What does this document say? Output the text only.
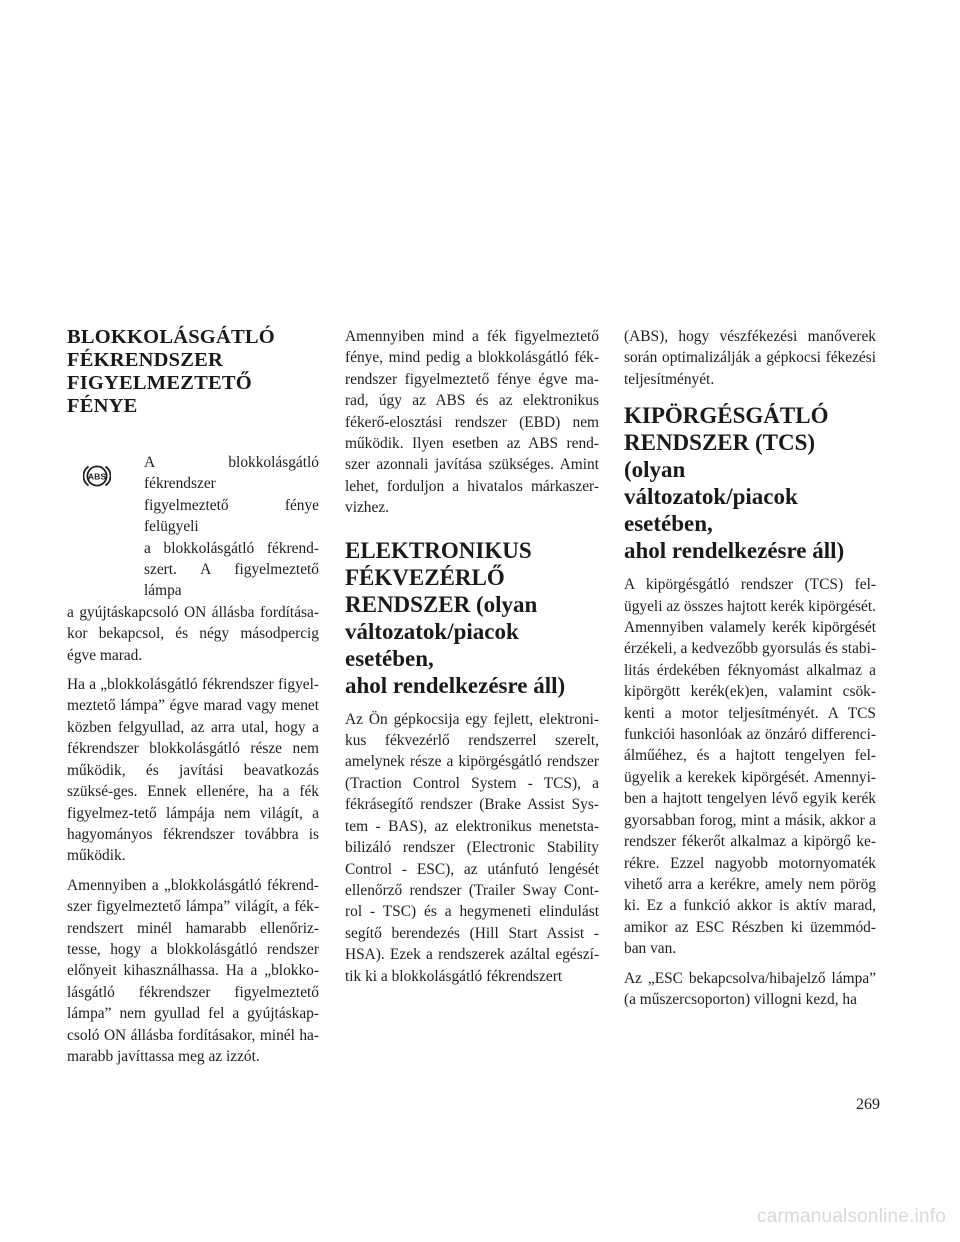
BLOKKOLÁSGÁTLÓ
FÉKRENDSZER
FIGYELMEZTETŐ FÉNYE
ABS

A blokkolásgátló fékrendszer
figyelmeztető fénye felügyeli
a blokkolásgátló fékrend-
szert. A figyelmeztető lámpa

a gyújtáskapcsoló ON állásba fordítása-kor bekapcsol, és négy másodpercig égve marad.

Ha a „blokkolásgátló fékrendszer figyel-meztető lámpa” égve marad vagy menet közben felgyullad, az arra utal, hogy a fékrendszer blokkolásgátló része nem működik, és javítási beavatkozás szüksé-ges. Ennek ellenére, ha a fék figyelmez-tető lámpája nem világít, a hagyományos fékrendszer továbbra is működik.

Amennyiben a „blokkolásgátló fékrend-szer figyelmeztető lámpa” világít, a fék-rendszert minél hamarabb ellenőriz-tesse, hogy a blokkolásgátló rendszer előnyeit kihasználhassa. Ha a „blokko-lásgátló fékrendszer figyelmeztető lámpa” nem gyullad fel a gyújtáskap-csoló ON állásba fordításakor, minél ha-marabb javíttassa meg az izzót.

Amennyiben mind a fék figyelmeztető fénye, mind pedig a blokkolásgátló fék-rendszer figyelmeztető fénye égve ma-rad, úgy az ABS és az elektronikus fékerő-elosztási rendszer (EBD) nem működik. Ilyen esetben az ABS rend-szer azonnali javítása szükséges. Amint lehet, forduljon a hivatalos márkaszer-vizhez.

ELEKTRONIKUS
FÉKVEZÉRLŐ
RENDSZER (olyan
változatok/piacok esetében,
ahol rendelkezésre áll)

Az Ön gépkocsija egy fejlett, elektroni-kus fékvezérlő rendszerrel szerelt, amelynek része a kipörgésgátló rendszer (Traction Control System - TCS), a fékrásegítő rendszer (Brake Assist Sys-tem - BAS), az elektronikus menetsta-bilizáló rendszer (Electronic Stability Control - ESC), az utánfutó lengését ellenőrző rendszer (Trailer Sway Cont-rol - TSC) és a hegymeneti elindulást segítő berendezés (Hill Start Assist - HSA). Ezek a rendszerek azáltal egészí-tik ki a blokkolásgátló fékrendszert

(ABS), hogy vészfékezési manőverek során optimalizálják a gépkocsi fékezési teljesítményét.

KIPÖRGÉSGÁTLÓ
RENDSZER (TCS) (olyan
változatok/piacok esetében,
ahol rendelkezésre áll)

A kipörgésgátló rendszer (TCS) fel-ügyeli az összes hajtott kerék kipörgését. Amennyiben valamely kerék kipörgését érzékeli, a kedvezőbb gyorsulás és stabi-litás érdekében féknyomást alkalmaz a kipörgött kerék(ek)en, valamint csök-kenti a motor teljesítményét. A TCS funkciói hasonlóak az önzáró differenci-álműéhez, és a hajtott tengelyen fel-ügyelik a kerekek kipörgését. Amennyi-ben a hajtott tengelyen lévő egyik kerék gyorsabban forog, mint a másik, akkor a rendszer fékerőt alkalmaz a kipörgő ke-rékre. Ezzel nagyobb motornyomaték vihető arra a kerékre, amely nem pörög ki. Ez a funkció akkor is aktív marad, amikor az ESC Részben ki üzemmód-ban van.

Az „ESC bekapcsolva/hibajelző lámpa” (a műszercsoporton) villogni kezd, ha

269
carmanualsonline.info
